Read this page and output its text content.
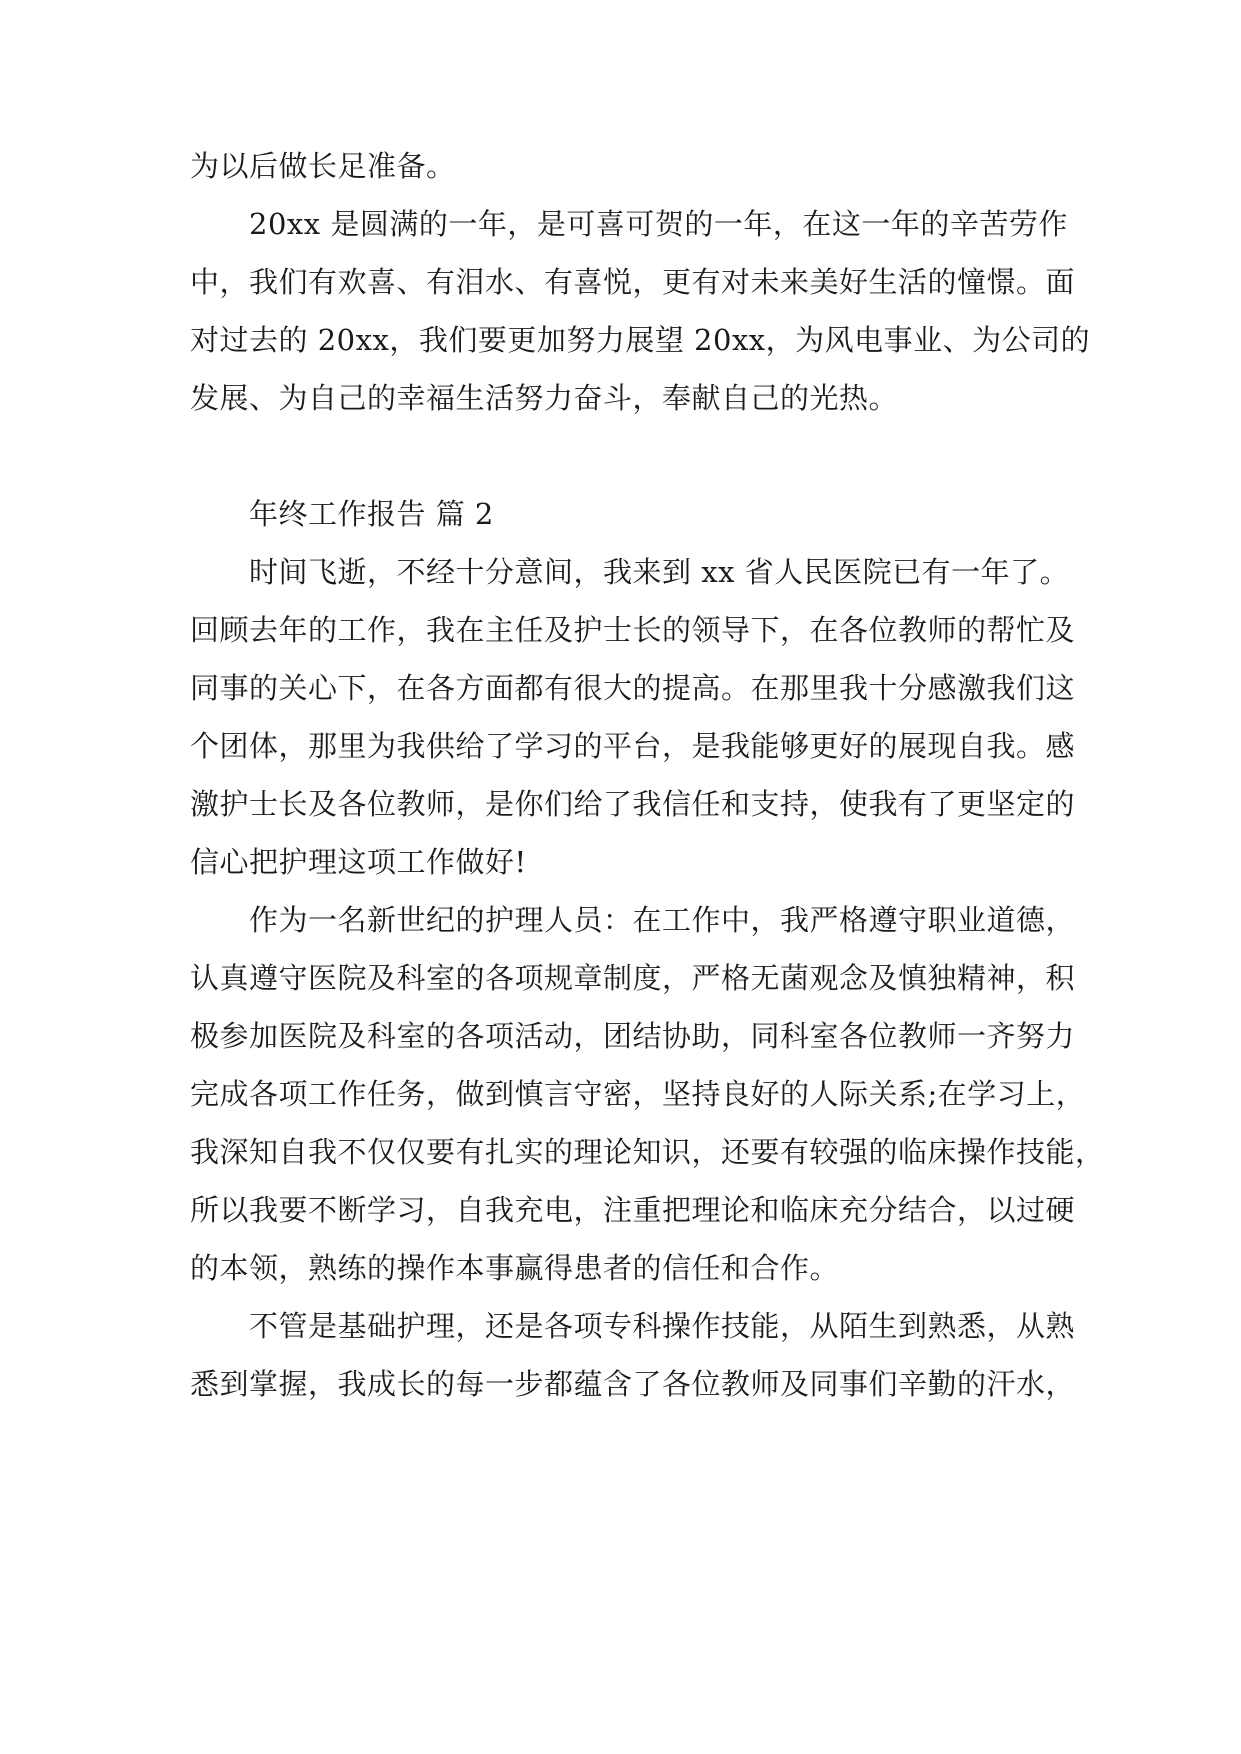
为以后做长足准备。
20xx 是圆满的一年，是可喜可贺的一年，在这一年的辛苦劳作
中，我们有欢喜、有泪水、有喜悦，更有对未来美好生活的憧憬。面
对过去的 20xx，我们要更加努力展望 20xx，为风电事业、为公司的
发展、为自己的幸福生活努力奋斗，奉献自己的光热。
年终工作报告 篇 2
时间飞逝，不经十分意间，我来到 xx 省人民医院已有一年了。
回顾去年的工作，我在主任及护士长的领导下，在各位教师的帮忙及
同事的关心下，在各方面都有很大的提高。在那里我十分感激我们这
个团体，那里为我供给了学习的平台，是我能够更好的展现自我。感
激护士长及各位教师，是你们给了我信任和支持，使我有了更坚定的
信心把护理这项工作做好!
作为一名新世纪的护理人员：在工作中，我严格遵守职业道德，
认真遵守医院及科室的各项规章制度，严格无菌观念及慎独精神，积
极参加医院及科室的各项活动，团结协助，同科室各位教师一齐努力
完成各项工作任务，做到慎言守密，坚持良好的人际关系;在学习上，
我深知自我不仅仅要有扎实的理论知识，还要有较强的临床操作技能，
所以我要不断学习，自我充电，注重把理论和临床充分结合，以过硬
的本领，熟练的操作本事赢得患者的信任和合作。
不管是基础护理，还是各项专科操作技能，从陌生到熟悉，从熟
悉到掌握，我成长的每一步都蕴含了各位教师及同事们辛勤的汗水，
